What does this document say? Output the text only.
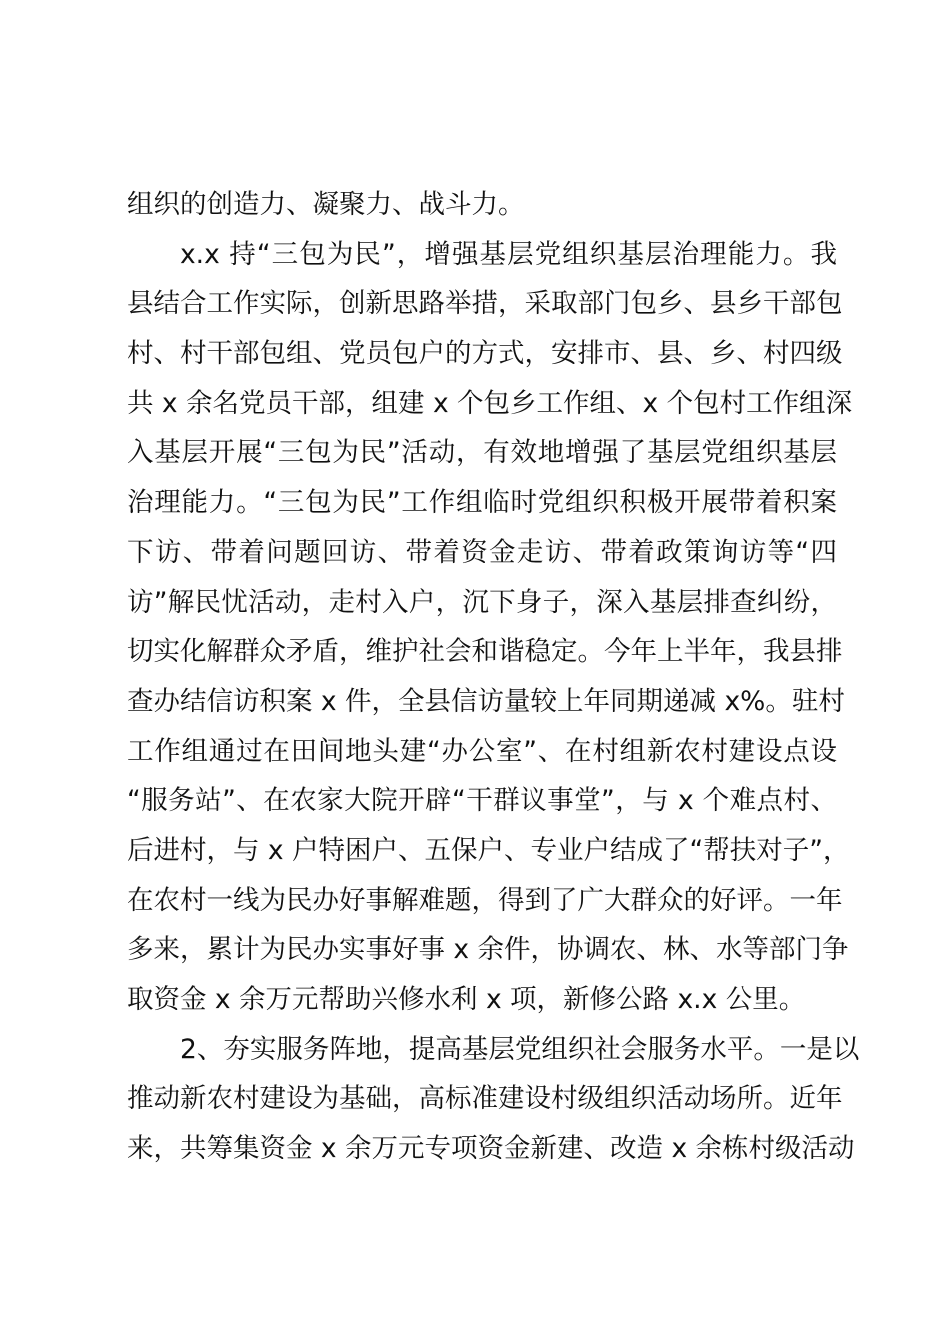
组织的创造力、凝聚力、战斗力。
x.x 持“三包为民”，增强基层党组织基层治理能力。我
县结合工作实际，创新思路举措，采取部门包乡、县乡干部包
村、村干部包组、党员包户的方式，安排市、县、乡、村四级
共 x 余名党员干部，组建 x 个包乡工作组、x 个包村工作组深
入基层开展“三包为民”活动，有效地增强了基层党组织基层
治理能力。“三包为民”工作组临时党组织积极开展带着积案
下访、带着问题回访、带着资金走访、带着政策询访等“四
访”解民忧活动，走村入户，沉下身子，深入基层排查纠纷，
切实化解群众矛盾，维护社会和谐稳定。今年上半年，我县排
查办结信访积案 x 件，全县信访量较上年同期递减 x%。驻村
工作组通过在田间地头建“办公室”、在村组新农村建设点设
“服务站”、在农家大院开辟“干群议事堂”，与 x 个难点村、
后进村，与 x 户特困户、五保户、专业户结成了“帮扶对子”，
在农村一线为民办好事解难题，得到了广大群众的好评。一年
多来，累计为民办实事好事 x 余件，协调农、林、水等部门争
取资金 x 余万元帮助兴修水利 x 项，新修公路 x.x 公里。
2、夯实服务阵地，提高基层党组织社会服务水平。一是以
推动新农村建设为基础，高标准建设村级组织活动场所。近年
来，共筹集资金 x 余万元专项资金新建、改造 x 余栋村级活动
